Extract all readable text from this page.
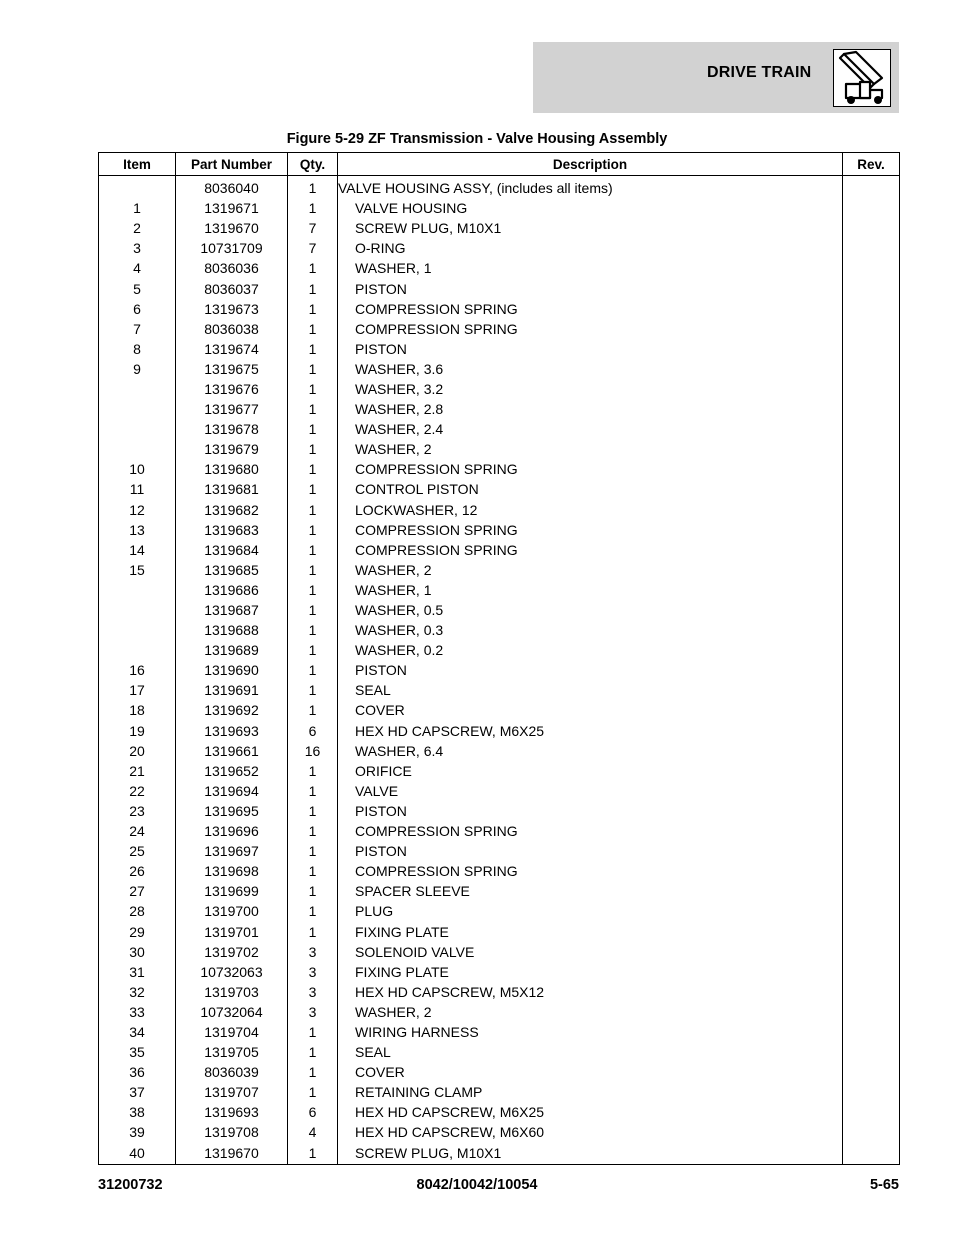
DRIVE TRAIN
Figure 5-29 ZF Transmission - Valve Housing Assembly
Item	Part Number	Qty.	Description	Rev.
	8036040	1	VALVE HOUSING ASSY, (includes all items)	
1	1319671	1	VALVE HOUSING	
2	1319670	7	SCREW PLUG, M10X1	
3	10731709	7	O-RING	
4	8036036	1	WASHER, 1	
5	8036037	1	PISTON	
6	1319673	1	COMPRESSION SPRING	
7	8036038	1	COMPRESSION SPRING	
8	1319674	1	PISTON	
9	1319675	1	WASHER, 3.6	
	1319676	1	WASHER, 3.2	
	1319677	1	WASHER, 2.8	
	1319678	1	WASHER, 2.4	
	1319679	1	WASHER, 2	
10	1319680	1	COMPRESSION SPRING	
11	1319681	1	CONTROL PISTON	
12	1319682	1	LOCKWASHER, 12	
13	1319683	1	COMPRESSION SPRING	
14	1319684	1	COMPRESSION SPRING	
15	1319685	1	WASHER, 2	
	1319686	1	WASHER, 1	
	1319687	1	WASHER, 0.5	
	1319688	1	WASHER, 0.3	
	1319689	1	WASHER, 0.2	
16	1319690	1	PISTON	
17	1319691	1	SEAL	
18	1319692	1	COVER	
19	1319693	6	HEX HD CAPSCREW, M6X25	
20	1319661	16	WASHER, 6.4	
21	1319652	1	ORIFICE	
22	1319694	1	VALVE	
23	1319695	1	PISTON	
24	1319696	1	COMPRESSION SPRING	
25	1319697	1	PISTON	
26	1319698	1	COMPRESSION SPRING	
27	1319699	1	SPACER SLEEVE	
28	1319700	1	PLUG	
29	1319701	1	FIXING PLATE	
30	1319702	3	SOLENOID VALVE	
31	10732063	3	FIXING PLATE	
32	1319703	3	HEX HD CAPSCREW, M5X12	
33	10732064	3	WASHER, 2	
34	1319704	1	WIRING HARNESS	
35	1319705	1	SEAL	
36	8036039	1	COVER	
37	1319707	1	RETAINING CLAMP	
38	1319693	6	HEX HD CAPSCREW, M6X25	
39	1319708	4	HEX HD CAPSCREW, M6X60	
40	1319670	1	SCREW PLUG, M10X1	
31200732	8042/10042/10054	5-65
